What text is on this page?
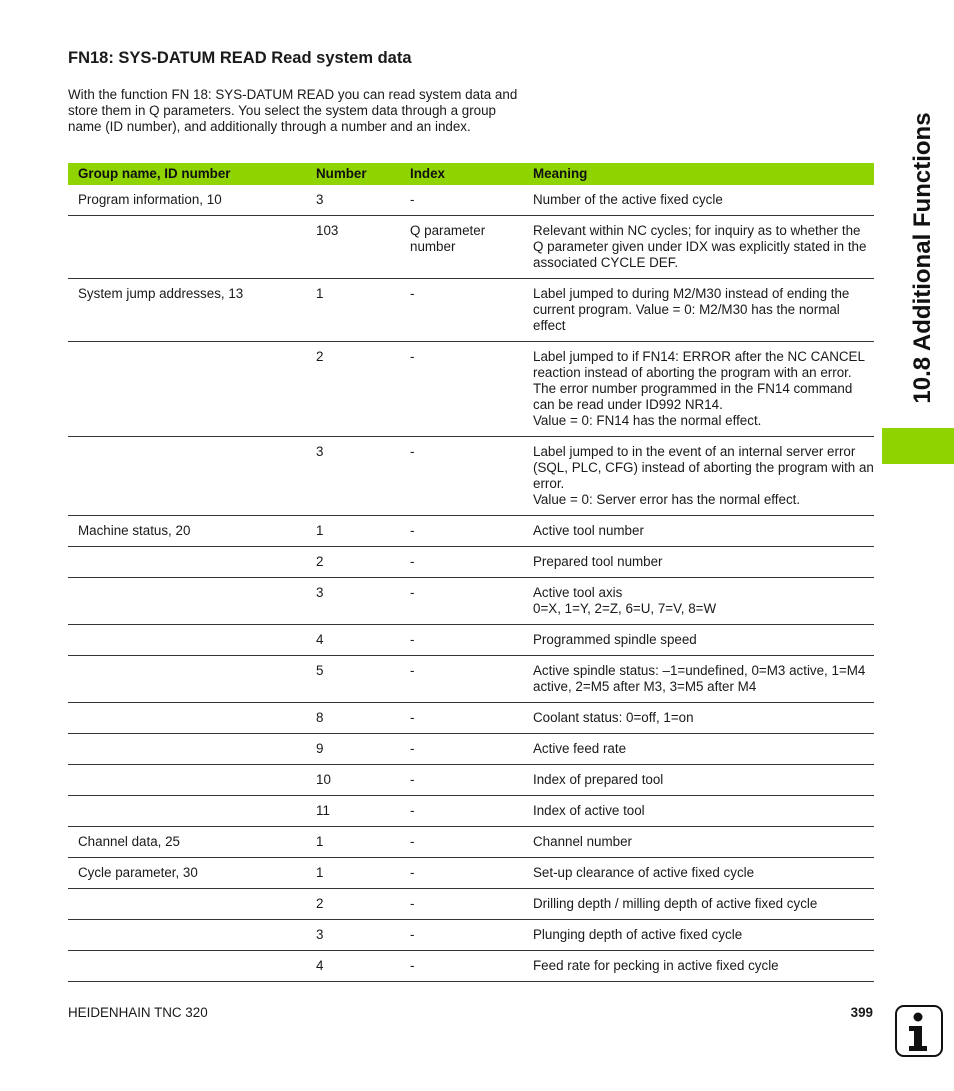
FN18: SYS-DATUM READ Read system data

With the function FN 18: SYS-DATUM READ you can read system data and store them in Q parameters. You select the system data through a group name (ID number), and additionally through a number and an index.

Group name, ID number	Number	Index	Meaning
Program information, 10	3	-	Number of the active fixed cycle
	103	Q parameter number	Relevant within NC cycles; for inquiry as to whether the Q parameter given under IDX was explicitly stated in the associated CYCLE DEF.
System jump addresses, 13	1	-	Label jumped to during M2/M30 instead of ending the current program. Value = 0: M2/M30 has the normal effect
	2	-	Label jumped to if FN14: ERROR after the NC CANCEL reaction instead of aborting the program with an error. The error number programmed in the FN14 command can be read under ID992 NR14.
Value = 0: FN14 has the normal effect.
	3	-	Label jumped to in the event of an internal server error (SQL, PLC, CFG) instead of aborting the program with an error.
Value = 0: Server error has the normal effect.
Machine status, 20	1	-	Active tool number
	2	-	Prepared tool number
	3	-	Active tool axis
0=X, 1=Y, 2=Z, 6=U, 7=V, 8=W
	4	-	Programmed spindle speed
	5	-	Active spindle status: –1=undefined, 0=M3 active, 1=M4 active, 2=M5 after M3, 3=M5 after M4
	8	-	Coolant status: 0=off, 1=on
	9	-	Active feed rate
	10	-	Index of prepared tool
	11	-	Index of active tool
Channel data, 25	1	-	Channel number
Cycle parameter, 30	1	-	Set-up clearance of active fixed cycle
	2	-	Drilling depth / milling depth of active fixed cycle
	3	-	Plunging depth of active fixed cycle
	4	-	Feed rate for pecking in active fixed cycle
10.8 Additional Functions
HEIDENHAIN TNC 320	399
